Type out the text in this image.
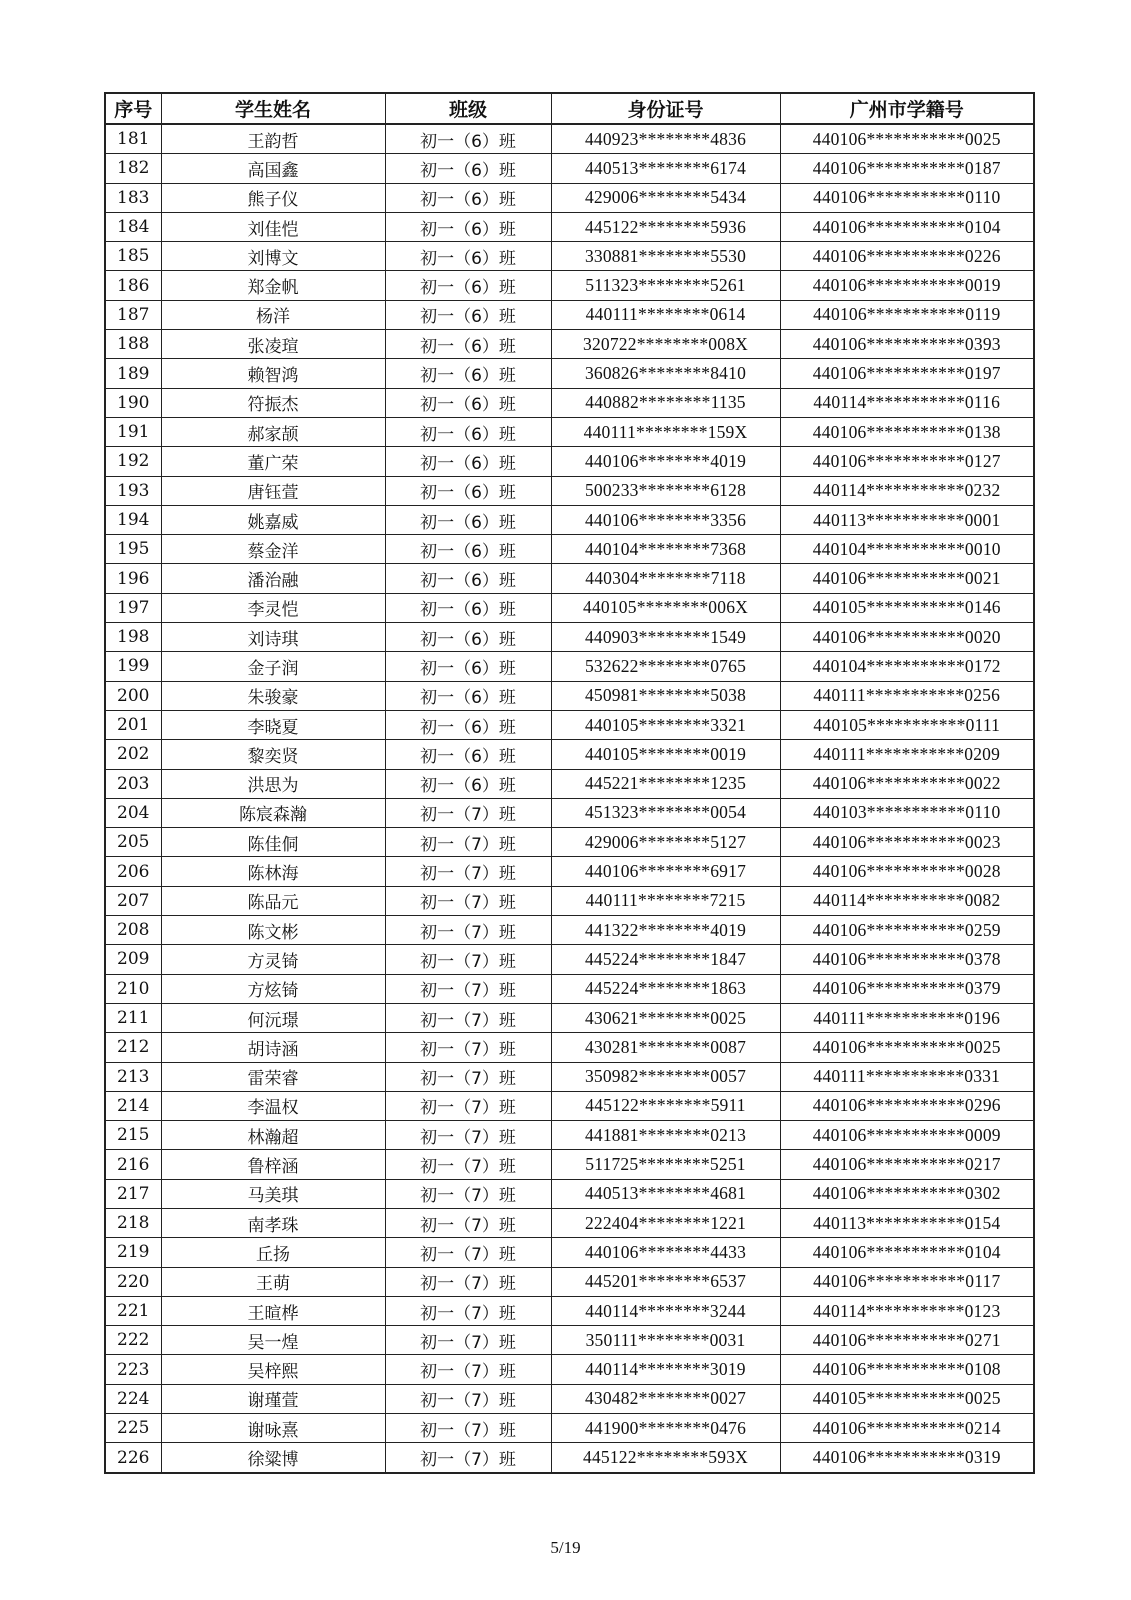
序号	学生姓名	班级	身份证号	广州市学籍号
181	王韵哲	初一（6）班	440923********4836	440106***********0025
182	高国鑫	初一（6）班	440513********6174	440106***********0187
183	熊子仪	初一（6）班	429006********5434	440106***********0110
184	刘佳恺	初一（6）班	445122********5936	440106***********0104
185	刘博文	初一（6）班	330881********5530	440106***********0226
186	郑金帆	初一（6）班	511323********5261	440106***********0019
187	杨洋	初一（6）班	440111********0614	440106***********0119
188	张凌瑄	初一（6）班	320722********008X	440106***********0393
189	赖智鸿	初一（6）班	360826********8410	440106***********0197
190	符振杰	初一（6）班	440882********1135	440114***********0116
191	郝家颉	初一（6）班	440111********159X	440106***********0138
192	董广荣	初一（6）班	440106********4019	440106***********0127
193	唐钰萱	初一（6）班	500233********6128	440114***********0232
194	姚嘉威	初一（6）班	440106********3356	440113***********0001
195	蔡金洋	初一（6）班	440104********7368	440104***********0010
196	潘治融	初一（6）班	440304********7118	440106***********0021
197	李灵恺	初一（6）班	440105********006X	440105***********0146
198	刘诗琪	初一（6）班	440903********1549	440106***********0020
199	金子润	初一（6）班	532622********0765	440104***********0172
200	朱骏豪	初一（6）班	450981********5038	440111***********0256
201	李晓夏	初一（6）班	440105********3321	440105***********0111
202	黎奕贤	初一（6）班	440105********0019	440111***********0209
203	洪思为	初一（6）班	445221********1235	440106***********0022
204	陈宸森瀚	初一（7）班	451323********0054	440103***********0110
205	陈佳侗	初一（7）班	429006********5127	440106***********0023
206	陈林海	初一（7）班	440106********6917	440106***********0028
207	陈品元	初一（7）班	440111********7215	440114***********0082
208	陈文彬	初一（7）班	441322********4019	440106***********0259
209	方灵锜	初一（7）班	445224********1847	440106***********0378
210	方炫锜	初一（7）班	445224********1863	440106***********0379
211	何沅璟	初一（7）班	430621********0025	440111***********0196
212	胡诗涵	初一（7）班	430281********0087	440106***********0025
213	雷荣睿	初一（7）班	350982********0057	440111***********0331
214	李温权	初一（7）班	445122********5911	440106***********0296
215	林瀚超	初一（7）班	441881********0213	440106***********0009
216	鲁梓涵	初一（7）班	511725********5251	440106***********0217
217	马美琪	初一（7）班	440513********4681	440106***********0302
218	南孝珠	初一（7）班	222404********1221	440113***********0154
219	丘扬	初一（7）班	440106********4433	440106***********0104
220	王萌	初一（7）班	445201********6537	440106***********0117
221	王暄桦	初一（7）班	440114********3244	440114***********0123
222	吴一煌	初一（7）班	350111********0031	440106***********0271
223	吴梓熙	初一（7）班	440114********3019	440106***********0108
224	谢瑾萱	初一（7）班	430482********0027	440105***********0025
225	谢咏熹	初一（7）班	441900********0476	440106***********0214
226	徐粱博	初一（7）班	445122********593X	440106***********0319
5/19
